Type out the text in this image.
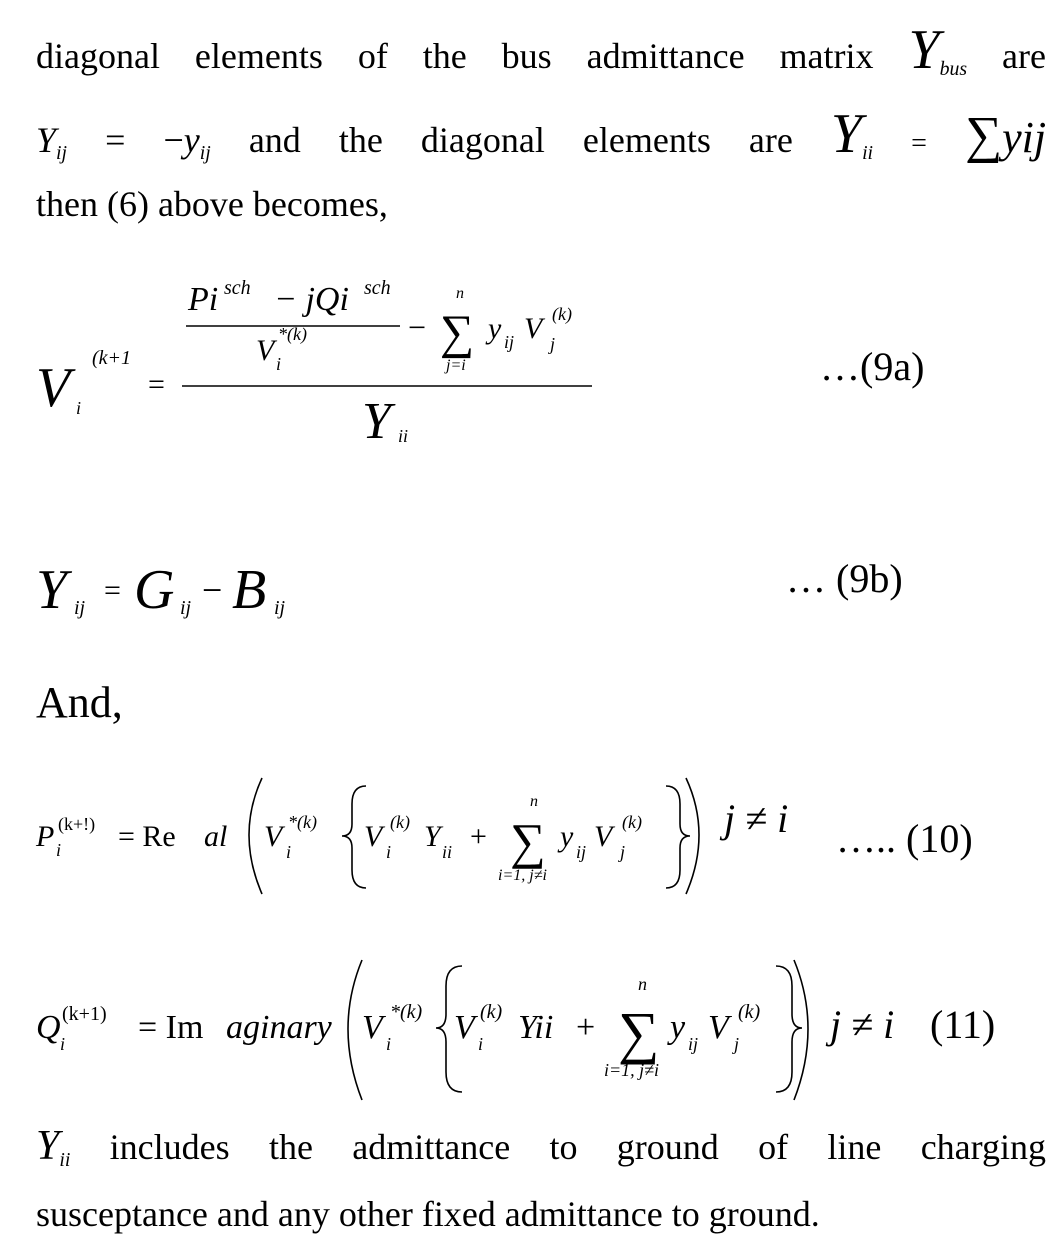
diagonal elements of the bus admittance matrix $Y_{bus}$ are
$Y_{ij} = -y_{ij}$ and the diagonal elements are $Y_{ii} = \sum yij$
then (6) above becomes,
V i
(k+1
=
Pi sch − jQi sch
V i
*(k)	−
n
∑
j=i
y ij V j
(k)
Y ii
…(9a)
Y ij
= G ij − B ij
… (9b)
And,
P i
(k+!) = Re al V i
*(k) V i
(k) Y ii +
n
∑
i=1, j≠i
y ij V j
(k) j ≠ i ….. (10)
Q i
(k+1) = Im aginary V i
*(k) V i
(k) Yii +
n
∑
i=1, j≠i
y ij V j
(k) j ≠ i (11)
$Y_{ii}$ includes the admittance to ground of line charging
susceptance and any other fixed admittance to ground.
